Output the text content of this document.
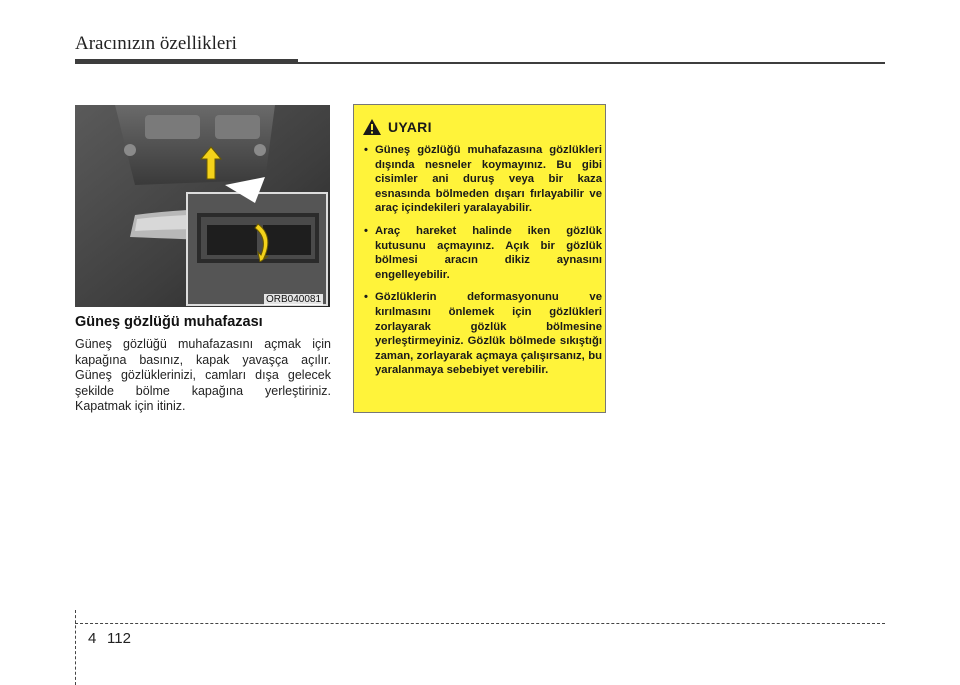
Aracınızın özellikleri
ORB040081
Güneş gözlüğü muhafazası
Güneş gözlüğü muhafazasını açmak için kapağına basınız, kapak yavaşça açılır. Güneş gözlüklerinizi, camları dışa gelecek şekilde bölme kapağına yerleştiriniz. Kapatmak için itiniz.
UYARI
• Güneş gözlüğü muhafazasına gözlükleri dışında nesneler koymayınız. Bu gibi cisimler ani duruş veya bir kaza esnasında bölmeden dışarı fırlayabilir ve araç içindekileri yaralayabilir.
• Araç hareket halinde iken gözlük kutusunu açmayınız. Açık bir gözlük bölmesi aracın dikiz aynasını engelleyebilir.
• Gözlüklerin deformasyonunu ve kırılmasını önlemek için gözlükleri zorlayarak gözlük bölmesine yerleştirmeyiniz. Gözlük bölmede sıkıştığı zaman, zorlayarak açmaya çalışırsanız, bu yaralanmaya sebebiyet verebilir.
4 112
